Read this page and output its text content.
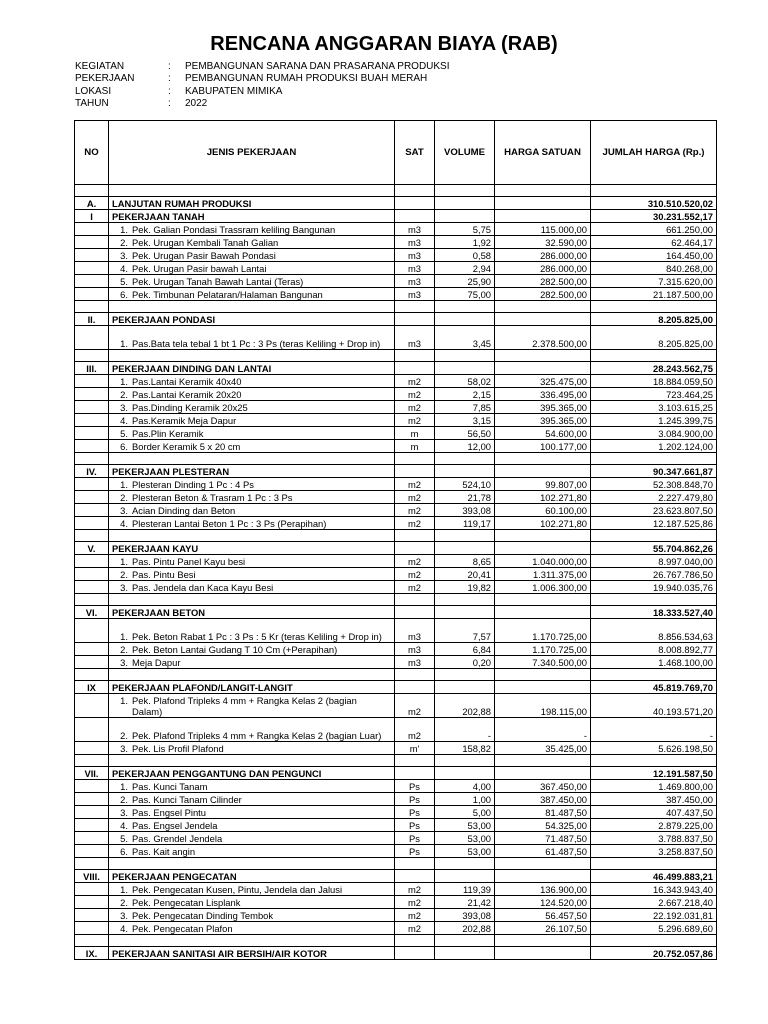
RENCANA ANGGARAN BIAYA (RAB)
KEGIATAN	: PEMBANGUNAN SARANA DAN PRASARANA PRODUKSI
PEKERJAAN	: PEMBANGUNAN RUMAH PRODUKSI BUAH MERAH
LOKASI	: KABUPATEN MIMIKA
TAHUN	: 2022
NO	JENIS PEKERJAAN	SAT	VOLUME	HARGA SATUAN	JUMLAH HARGA (Rp.)

A.	LANJUTAN RUMAH PRODUKSI				310.510.520,02
I	PEKERJAAN TANAH				30.231.552,17
	1. Pek. Galian Pondasi Trassram keliling Bangunan	m3	5,75	115.000,00	661.250,00
	2. Pek. Urugan Kembali Tanah Galian	m3	1,92	32.590,00	62.464,17
	3. Pek. Urugan Pasir Bawah Pondasi	m3	0,58	286.000,00	164.450,00
	4. Pek. Urugan Pasir bawah Lantai	m3	2,94	286.000,00	840.268,00
	5. Pek. Urugan Tanah Bawah Lantai (Teras)	m3	25,90	282.500,00	7.315.620,00
	6. Pek. Timbunan Pelataran/Halaman Bangunan	m3	75,00	282.500,00	21.187.500,00

II.	PEKERJAAN PONDASI				8.205.825,00

	1. Pas.Bata tela tebal 1 bt 1 Pc : 3 Ps (teras Keliling + Drop in)	m3	3,45	2.378.500,00	8.205.825,00

III.	PEKERJAAN DINDING DAN LANTAI				28.243.562,75
	1. Pas.Lantai Keramik 40x40	m2	58,02	325.475,00	18.884.059,50
	2. Pas.Lantai Keramik 20x20	m2	2,15	336.495,00	723.464,25
	3. Pas.Dinding Keramik 20x25	m2	7,85	395.365,00	3.103.615,25
	4. Pas.Keramik Meja Dapur	m2	3,15	395.365,00	1.245.399,75
	5. Pas.Plin Keramik	m	56,50	54.600,00	3.084.900,00
	6. Border Keramik 5 x 20 cm	m	12,00	100.177,00	1.202.124,00

IV.	PEKERJAAN PLESTERAN				90.347.661,87
	1. Plesteran Dinding 1 Pc : 4 Ps	m2	524,10	99.807,00	52.308.848,70
	2. Plesteran Beton & Trasram 1 Pc : 3 Ps	m2	21,78	102.271,80	2.227.479,80
	3. Acian Dinding dan Beton	m2	393,08	60.100,00	23.623.807,50
	4. Plesteran Lantai Beton 1 Pc : 3 Ps (Perapihan)	m2	119,17	102.271,80	12.187.525,86

V.	PEKERJAAN KAYU				55.704.862,26
	1. Pas. Pintu Panel Kayu besi	m2	8,65	1.040.000,00	8.997.040,00
	2. Pas. Pintu Besi	m2	20,41	1.311.375,00	26.767.786,50
	3. Pas. Jendela dan Kaca Kayu Besi	m2	19,82	1.006.300,00	19.940.035,76

VI.	PEKERJAAN BETON				18.333.527,40

	1. Pek. Beton Rabat 1 Pc : 3 Ps : 5 Kr (teras Keliling + Drop in)	m3	7,57	1.170.725,00	8.856.534,63
	2. Pek. Beton Lantai Gudang T 10 Cm (+Perapihan)	m3	6,84	1.170.725,00	8.008.892,77
	3. Meja Dapur	m3	0,20	7.340.500,00	1.468.100,00

IX	PEKERJAAN PLAFOND/LANGIT-LANGIT				45.819.769,70

	1. Pek. Plafond Tripleks 4 mm + Rangka Kelas 2 (bagian Dalam)	m2	202,88	198.115,00	40.193.571,20

	2. Pek. Plafond Tripleks 4 mm + Rangka Kelas 2 (bagian Luar)	m2	-	-	-
	3. Pek. Lis Profil Plafond	m'	158,82	35.425,00	5.626.198,50

VII.	PEKERJAAN PENGGANTUNG DAN PENGUNCI				12.191.587,50
	1. Pas. Kunci Tanam	Ps	4,00	367.450,00	1.469.800,00
	2. Pas. Kunci Tanam Cilinder	Ps	1,00	387.450,00	387.450,00
	3. Pas. Engsel Pintu	Ps	5,00	81.487,50	407.437,50
	4. Pas. Engsel Jendela	Ps	53,00	54.325,00	2.879.225,00
	5. Pas. Grendel Jendela	Ps	53,00	71.487,50	3.788.837,50
	6. Pas. Kait angin	Ps	53,00	61.487,50	3.258.837,50

VIII.	PEKERJAAN PENGECATAN				46.499.883,21
	1. Pek. Pengecatan Kusen, Pintu, Jendela dan Jalusi	m2	119,39	136.900,00	16.343.943,40
	2. Pek. Pengecatan Lisplank	m2	21,42	124.520,00	2.667.218,40
	3. Pek. Pengecatan Dinding Tembok	m2	393,08	56.457,50	22.192.031,81
	4. Pek. Pengecatan Plafon	m2	202,88	26.107,50	5.296.689,60

IX.	PEKERJAAN SANITASI AIR BERSIH/AIR KOTOR				20.752.057,86
